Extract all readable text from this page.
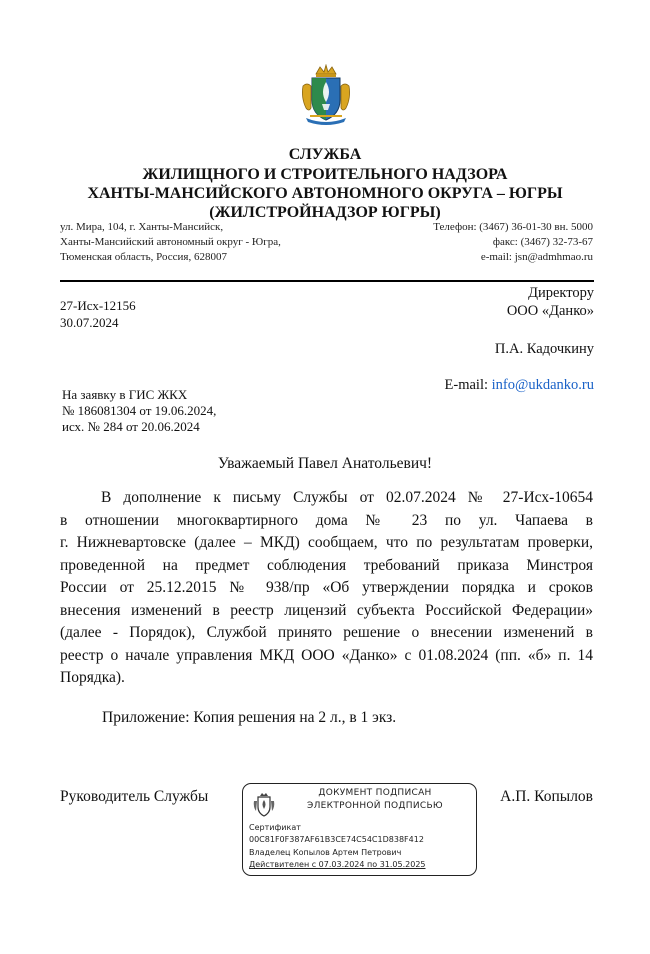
СЛУЖБА
ЖИЛИЩНОГО И СТРОИТЕЛЬНОГО НАДЗОРА
ХАНТЫ-МАНСИЙСКОГО АВТОНОМНОГО ОКРУГА – ЮГРЫ
(ЖИЛСТРОЙНАДЗОР ЮГРЫ)
ул. Мира, 104, г. Ханты-Мансийск,
Ханты-Мансийский автономный округ - Югра,
Тюменская область, Россия, 628007
Телефон: (3467) 36-01-30 вн. 5000
факс: (3467) 32-73-67
e-mail: jsn@admhmao.ru
27-Исх-12156
30.07.2024
Директору
ООО «Данко»
П.А. Кадочкину
E-mail: info@ukdanko.ru
На заявку в ГИС ЖКХ
№ 186081304 от 19.06.2024,
исх. № 284 от 20.06.2024
Уважаемый Павел Анатольевич!
В дополнение к письму Службы от 02.07.2024 № 27-Исх-10654
в отношении многоквартирного дома № 23 по ул. Чапаева в
г. Нижневартовске (далее – МКД) сообщаем, что по результатам проверки,
проведенной на предмет соблюдения требований приказа Минстроя
России от 25.12.2015 № 938/пр «Об утверждении порядка и сроков
внесения изменений в реестр лицензий субъекта Российской Федерации»
(далее - Порядок), Службой принято решение о внесении изменений в
реестр о начале управления МКД ООО «Данко» с 01.08.2024 (пп. «б» п. 14
Порядка).
Приложение: Копия решения на 2 л., в 1 экз.
Руководитель Службы	А.П. Копылов
ДОКУМЕНТ ПОДПИСАН
ЭЛЕКТРОННОЙ ПОДПИСЬЮ
Сертификат
00C81F0F387AF61B3CE74C54C1D838F412
Владелец Копылов Артем Петрович
Действителен с 07.03.2024 по 31.05.2025
